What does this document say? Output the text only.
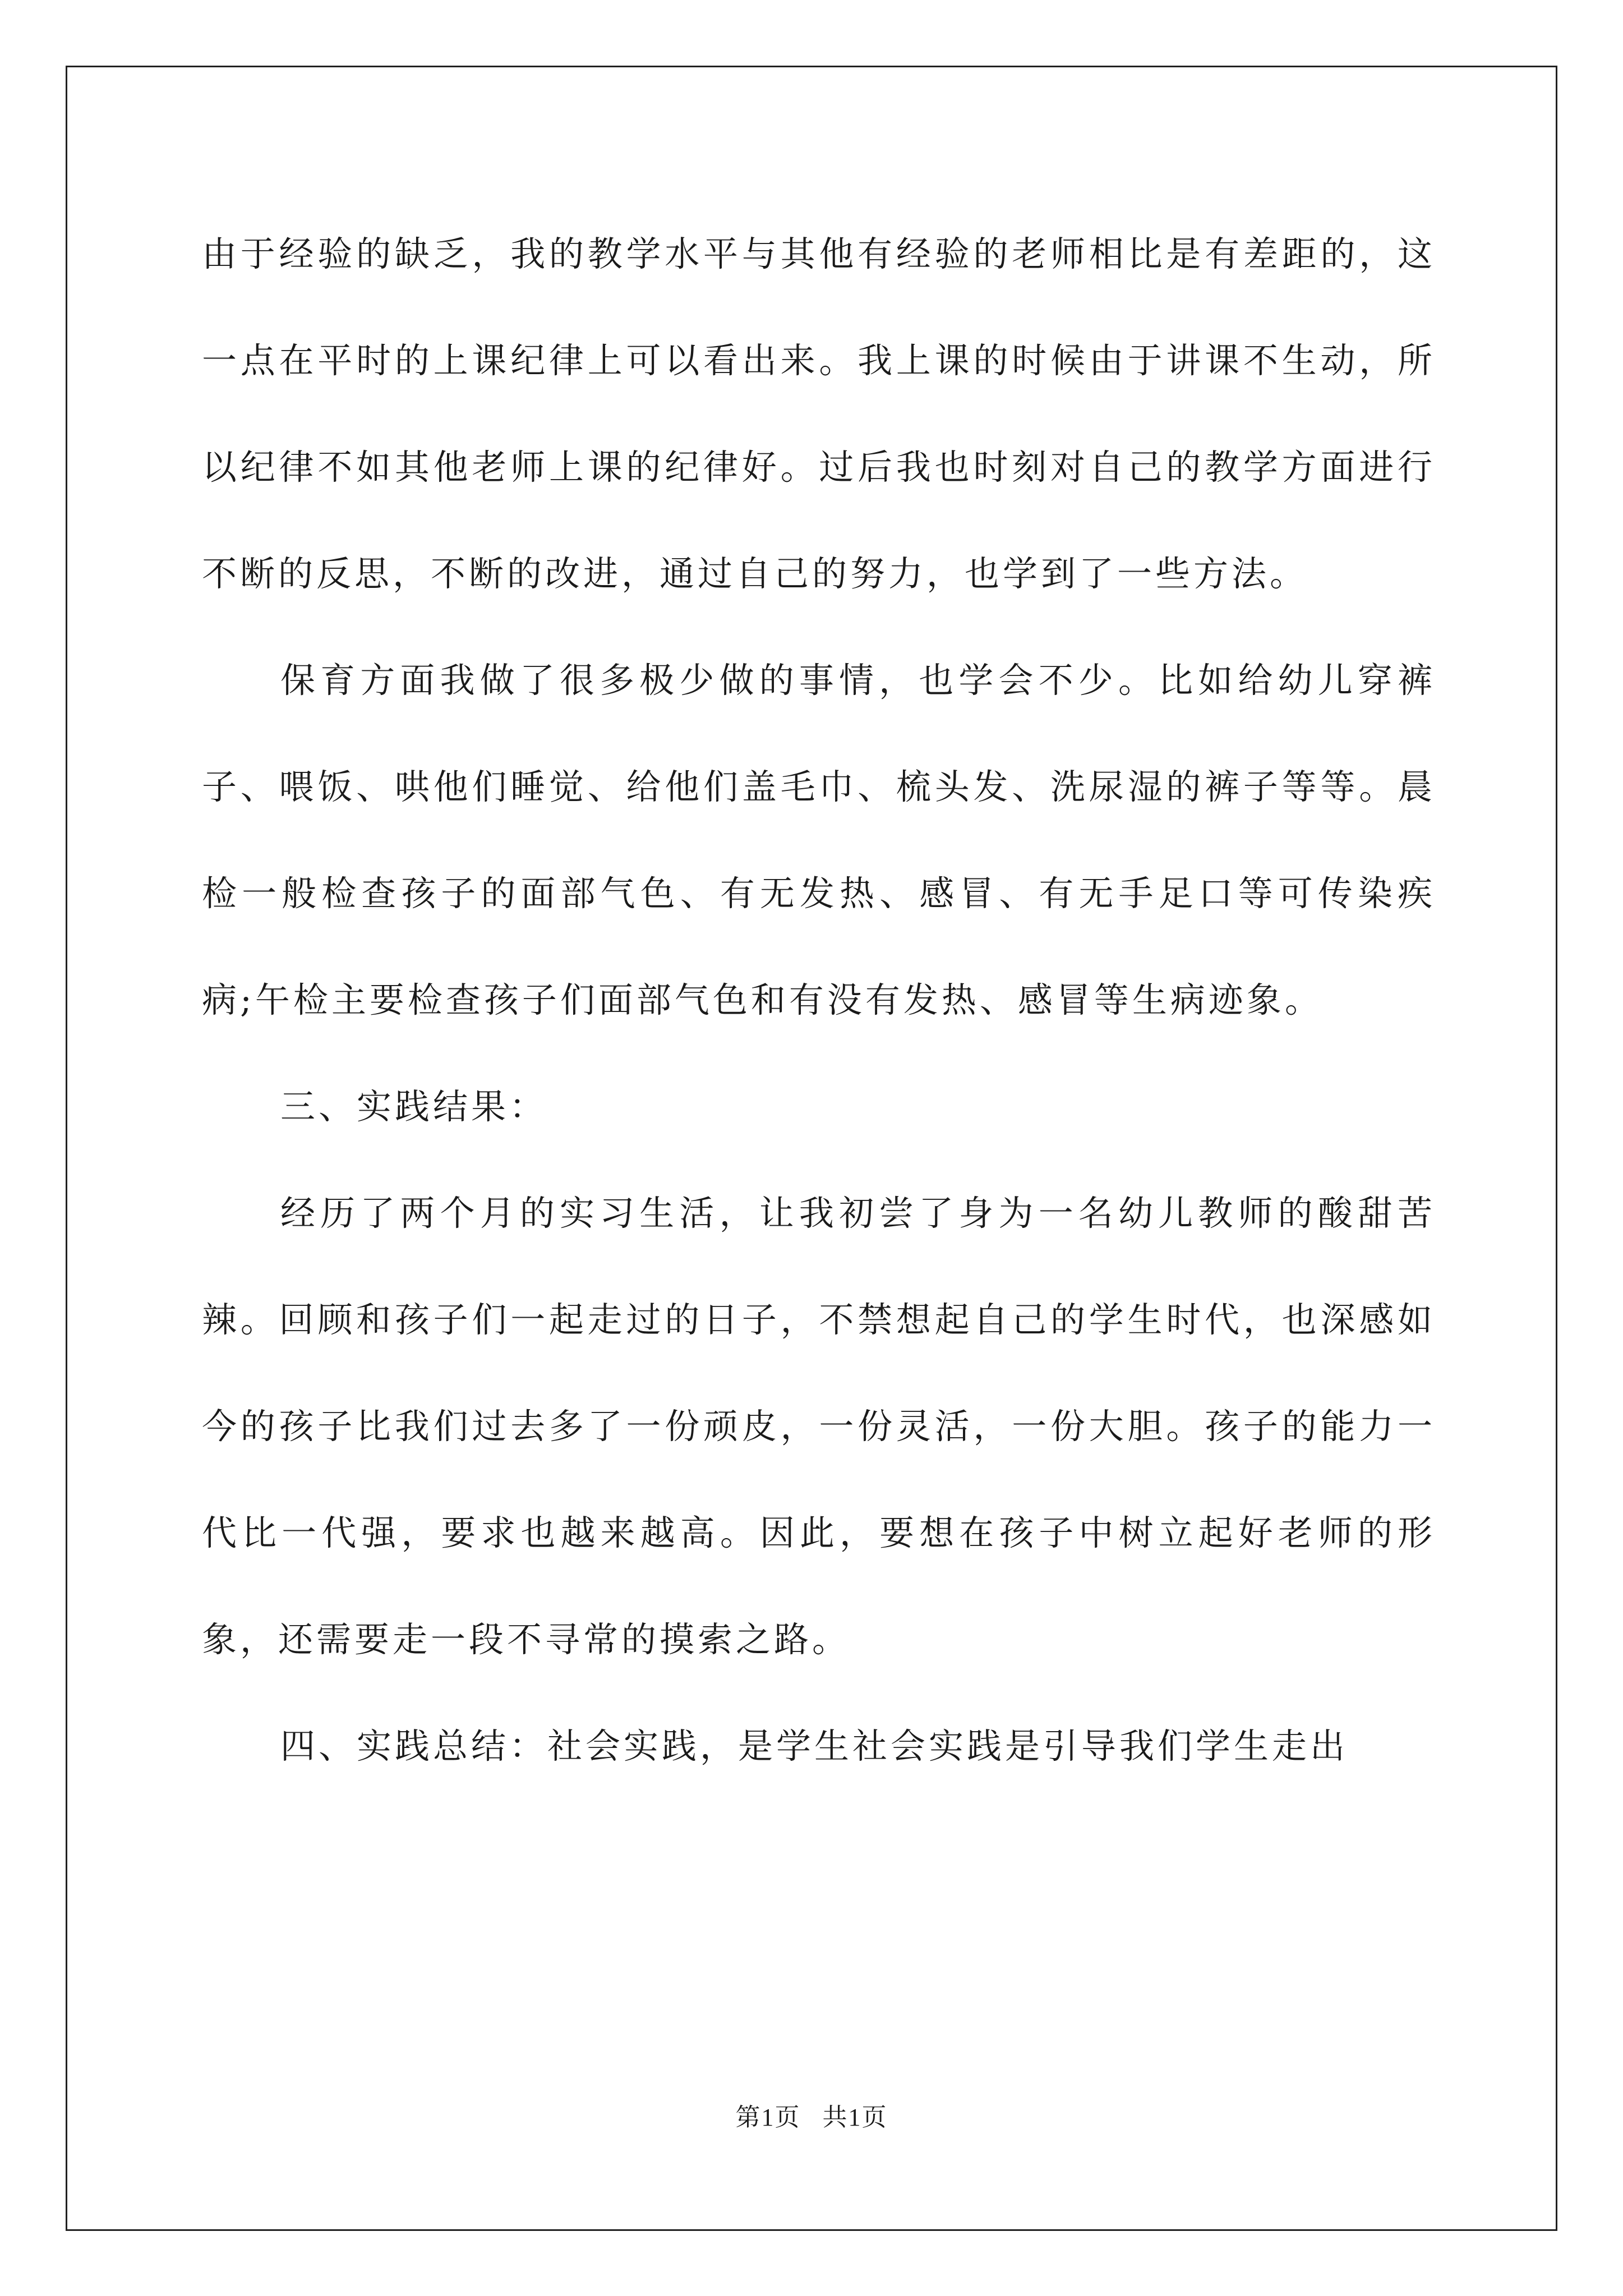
由于经验的缺乏，我的教学水平与其他有经验的老师相比是有差距的，这一点在平时的上课纪律上可以看出来。我上课的时候由于讲课不生动，所以纪律不如其他老师上课的纪律好。过后我也时刻对自己的教学方面进行不断的反思，不断的改进，通过自己的努力，也学到了一些方法。

保育方面我做了很多极少做的事情，也学会不少。比如给幼儿穿裤子、喂饭、哄他们睡觉、给他们盖毛巾、梳头发、洗尿湿的裤子等等。晨检一般检查孩子的面部气色、有无发热、感冒、有无手足口等可传染疾病;午检主要检查孩子们面部气色和有没有发热、感冒等生病迹象。

三、实践结果：

经历了两个月的实习生活，让我初尝了身为一名幼儿教师的酸甜苦辣。回顾和孩子们一起走过的日子，不禁想起自己的学生时代，也深感如今的孩子比我们过去多了一份顽皮，一份灵活，一份大胆。孩子的能力一代比一代强，要求也越来越高。因此，要想在孩子中树立起好老师的形象，还需要走一段不寻常的摸索之路。

四、实践总结：社会实践，是学生社会实践是引导我们学生走出

第1页 共1页
